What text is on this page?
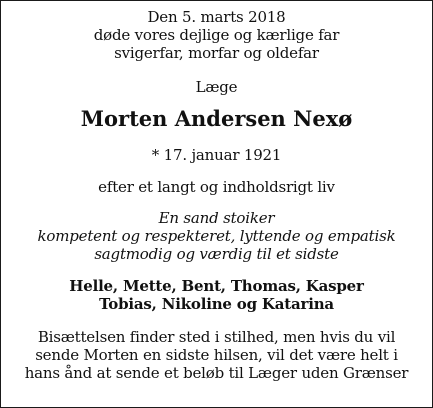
Den 5. marts 2018
døde vores dejlige og kærlige far
svigerfar, morfar og oldefar
Læge
Morten Andersen Nexø
* 17. januar 1921
efter et langt og indholdsrigt liv
En sand stoiker
kompetent og respekteret, lyttende og empatisk
sagtmodig og værdig til et sidste
Helle, Mette, Bent, Thomas, Kasper
Tobias, Nikoline og Katarina
Bisættelsen finder sted i stilhed, men hvis du vil
sende Morten en sidste hilsen, vil det være helt i
hans ånd at sende et beløb til Læger uden Grænser
